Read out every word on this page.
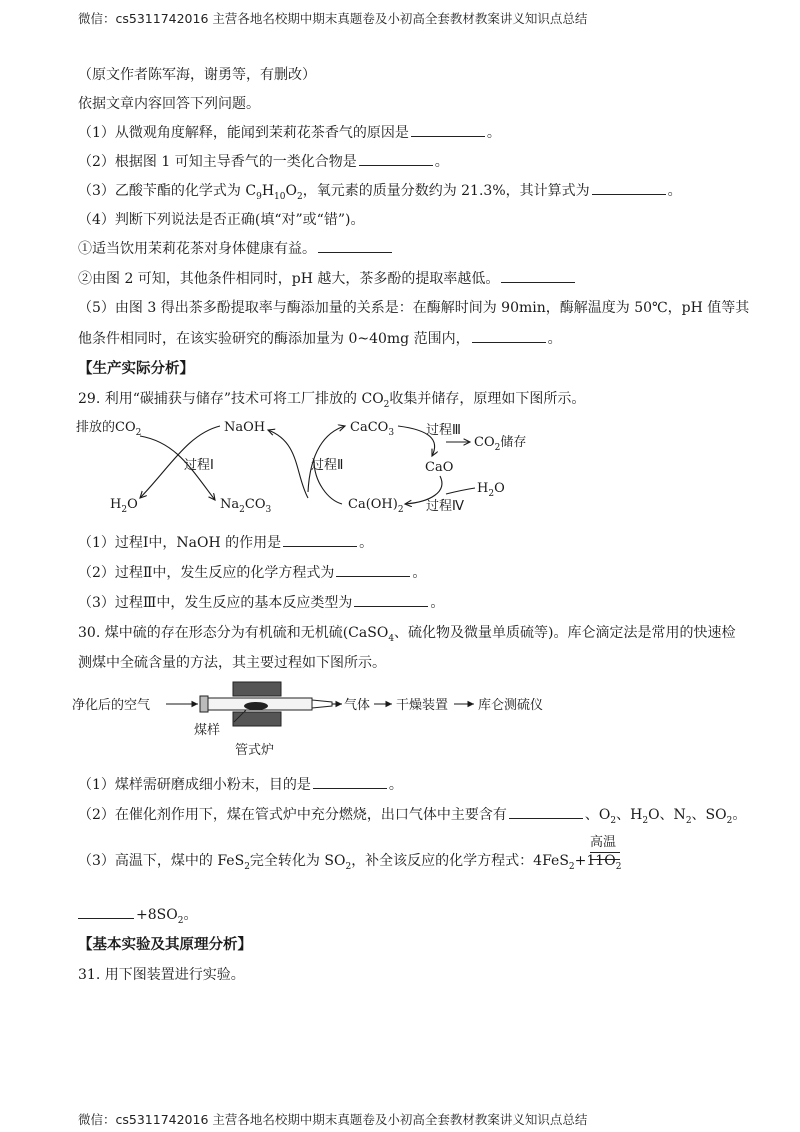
微信：cs5311742016 主营各地名校期中期末真题卷及小初高全套教材教案讲义知识点总结
（原文作者陈军海，谢勇等，有删改）
依据文章内容回答下列问题。
（1）从微观角度解释，能闻到茉莉花茶香气的原因是	。
（2）根据图 1 可知主导香气的一类化合物是	。
（3）乙酸苄酯的化学式为 $C_9H_{10}O_2$，氧元素的质量分数约为 21.3%，其计算式为	。
（4）判断下列说法是否正确(填“对”或“错”)。
①适当饮用茉莉花茶对身体健康有益。
②由图 2 可知，其他条件相同时，pH 越大，茶多酚的提取率越低。
（5）由图 3 得出茶多酚提取率与酶添加量的关系是：在酶解时间为 90min，酶解温度为 50℃，pH 值等其
他条件相同时，在该实验研究的酶添加量为 0~40mg 范围内，	。
【生产实际分析】
29. 利用“碳捕获与储存”技术可将工厂排放的 $CO_2$收集并储存，原理如下图所示。
排放的$CO_2$	NaOH
$H_2O$	$Na_2CO_3$
过程Ⅰ	过程Ⅱ
CaCO$_3$
$Ca(OH)_2$
过程Ⅲ
$CO_2$储存
CaO
$H_2O$
过程Ⅳ
（1）过程Ⅰ中，NaOH 的作用是	。
（2）过程Ⅱ中，发生反应的化学方程式为	。
（3）过程Ⅲ中，发生反应的基本反应类型为	。
30. 煤中硫的存在形态分为有机硫和无机硫(CaSO$_4$、硫化物及微量单质硫等)。库仑滴定法是常用的快速检
测煤中全硫含量的方法，其主要过程如下图所示。
净化后的空气	气体 干燥装置 库仑测硫仪
煤样
管式炉
（1）煤样需研磨成细小粉末，目的是	。
（2）在催化剂作用下，煤在管式炉中充分燃烧，出口气体中主要含有	、$O_2$、$H_2O$、$N_2$、$SO_2$。
高温
（3）高温下，煤中的 FeS$_2$完全转化为 $SO_2$，补全该反应的化学方程式：$4FeS_2+11O_2$
$+8SO_2$。
【基本实验及其原理分析】
31. 用下图装置进行实验。
微信：cs5311742016 主营各地名校期中期末真题卷及小初高全套教材教案讲义知识点总结
